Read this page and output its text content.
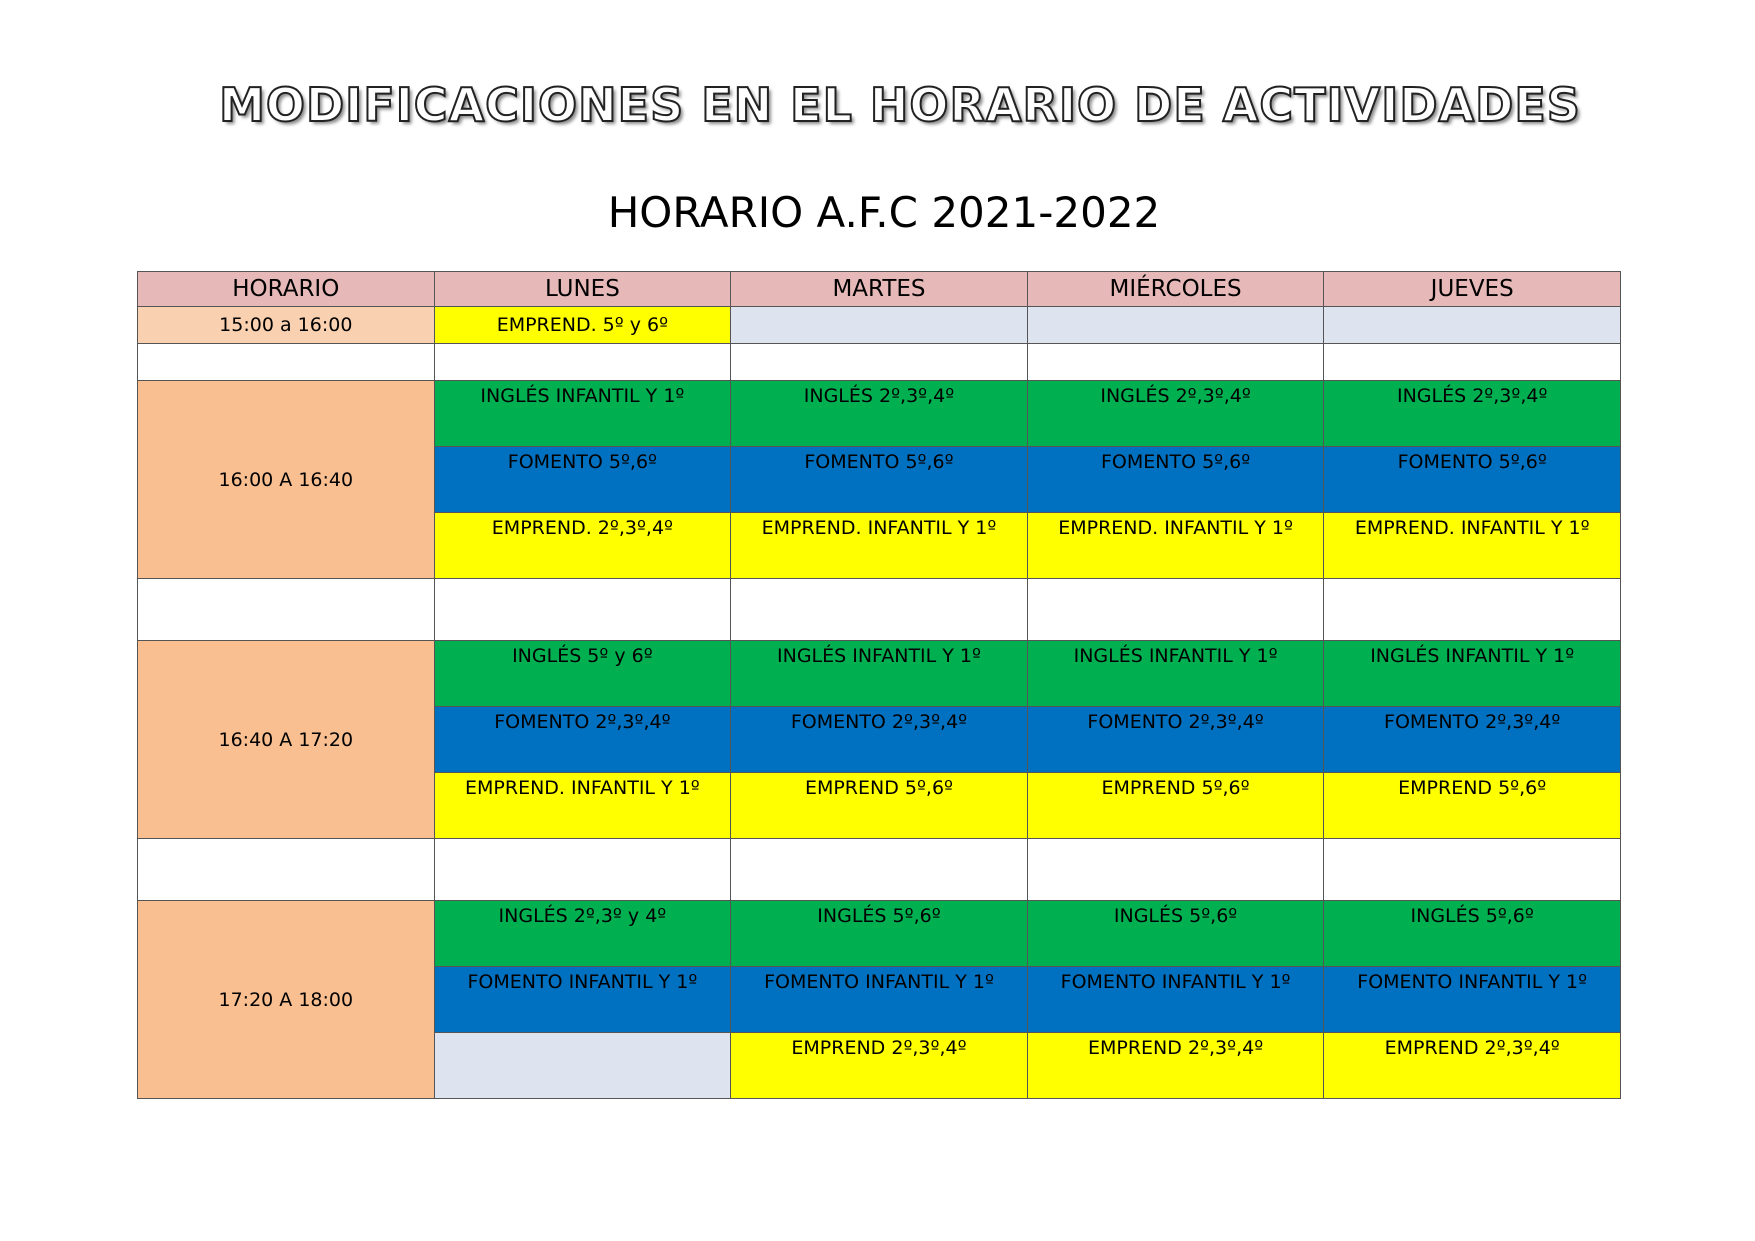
MODIFICACIONES EN EL HORARIO DE ACTIVIDADES
HORARIO A.F.C 2021-2022
HORARIO	LUNES	MARTES	MIÉRCOLES	JUEVES
15:00 a 16:00	EMPREND. 5º y 6º			

16:00 A 16:40	INGLÉS INFANTIL Y 1º	INGLÉS 2º,3º,4º	INGLÉS 2º,3º,4º	INGLÉS 2º,3º,4º
	FOMENTO 5º,6º	FOMENTO 5º,6º	FOMENTO 5º,6º	FOMENTO 5º,6º
	EMPREND. 2º,3º,4º	EMPREND. INFANTIL Y 1º	EMPREND. INFANTIL Y 1º	EMPREND. INFANTIL Y 1º

16:40 A 17:20	INGLÉS 5º y 6º	INGLÉS INFANTIL Y 1º	INGLÉS INFANTIL Y 1º	INGLÉS INFANTIL Y 1º
	FOMENTO 2º,3º,4º	FOMENTO 2º,3º,4º	FOMENTO 2º,3º,4º	FOMENTO 2º,3º,4º
	EMPREND. INFANTIL Y 1º	EMPREND 5º,6º	EMPREND 5º,6º	EMPREND 5º,6º

17:20 A 18:00	INGLÉS 2º,3º y 4º	INGLÉS 5º,6º	INGLÉS 5º,6º	INGLÉS 5º,6º
	FOMENTO INFANTIL Y 1º	FOMENTO INFANTIL Y 1º	FOMENTO INFANTIL Y 1º	FOMENTO INFANTIL Y 1º
		EMPREND 2º,3º,4º	EMPREND 2º,3º,4º	EMPREND 2º,3º,4º
